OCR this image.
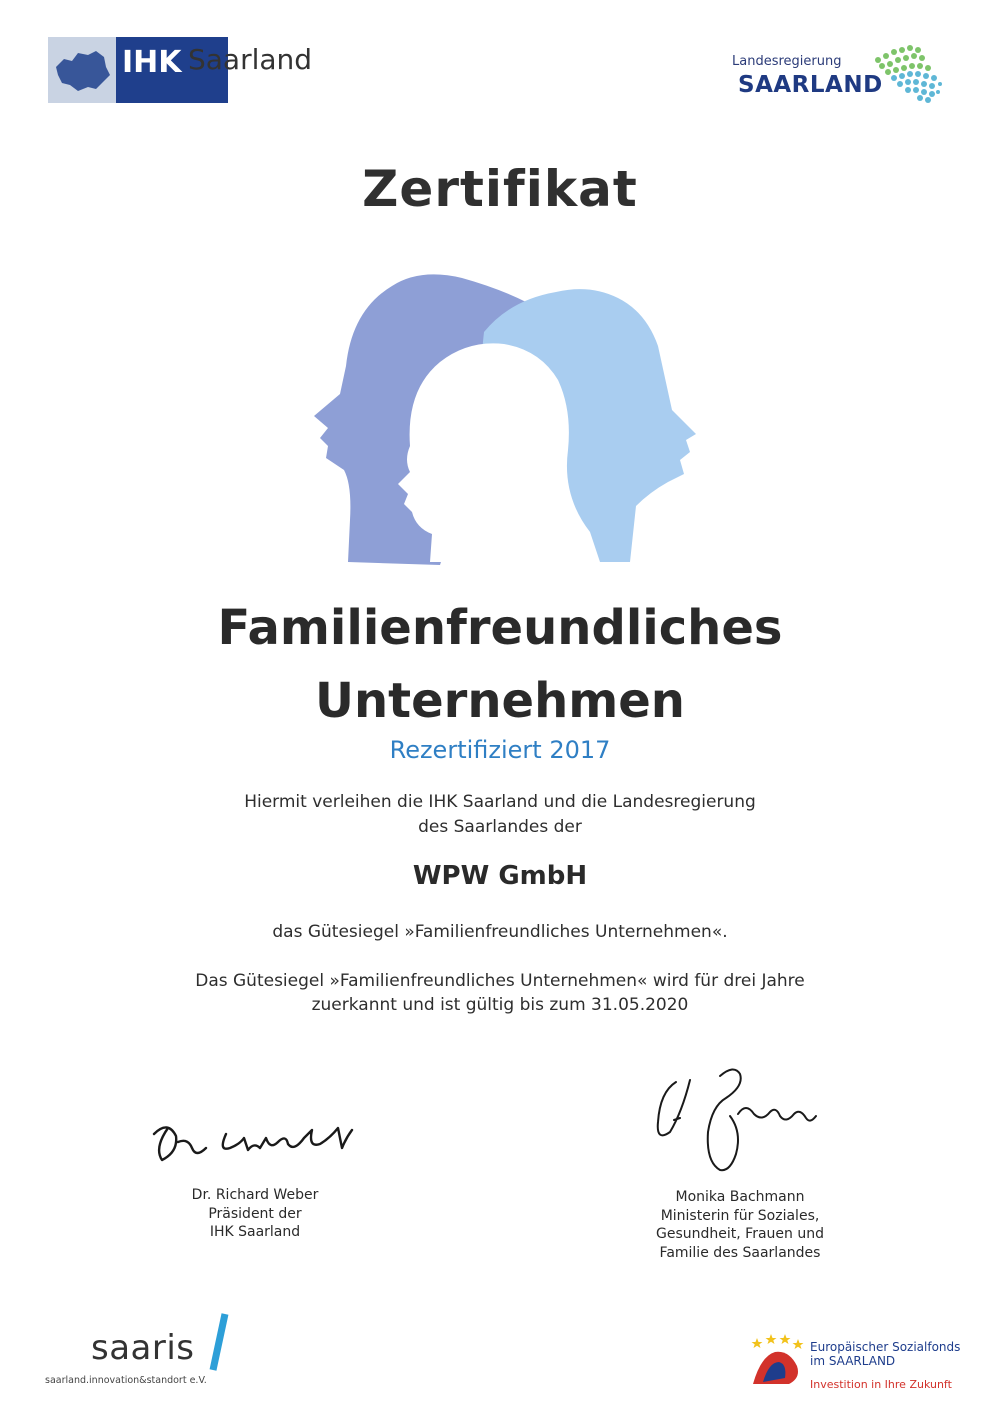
IHK Saarland	Landesregierung
SAARLAND
Zertifikat
Familienfreundliches
Unternehmen
Rezertifiziert 2017
Hiermit verleihen die IHK Saarland und die Landesregierung
des Saarlandes der
WPW GmbH
das Gütesiegel »Familienfreundliches Unternehmen«.
Das Gütesiegel »Familienfreundliches Unternehmen« wird für drei Jahre
zuerkannt und ist gültig bis zum 31.05.2020
Dr. Richard Weber
Präsident der
IHK Saarland
Monika Bachmann
Ministerin für Soziales,
Gesundheit, Frauen und
Familie des Saarlandes
saaris
saarland.innovation&standort e.V.
Europäischer Sozialfonds
im SAARLAND
Investition in Ihre Zukunft
